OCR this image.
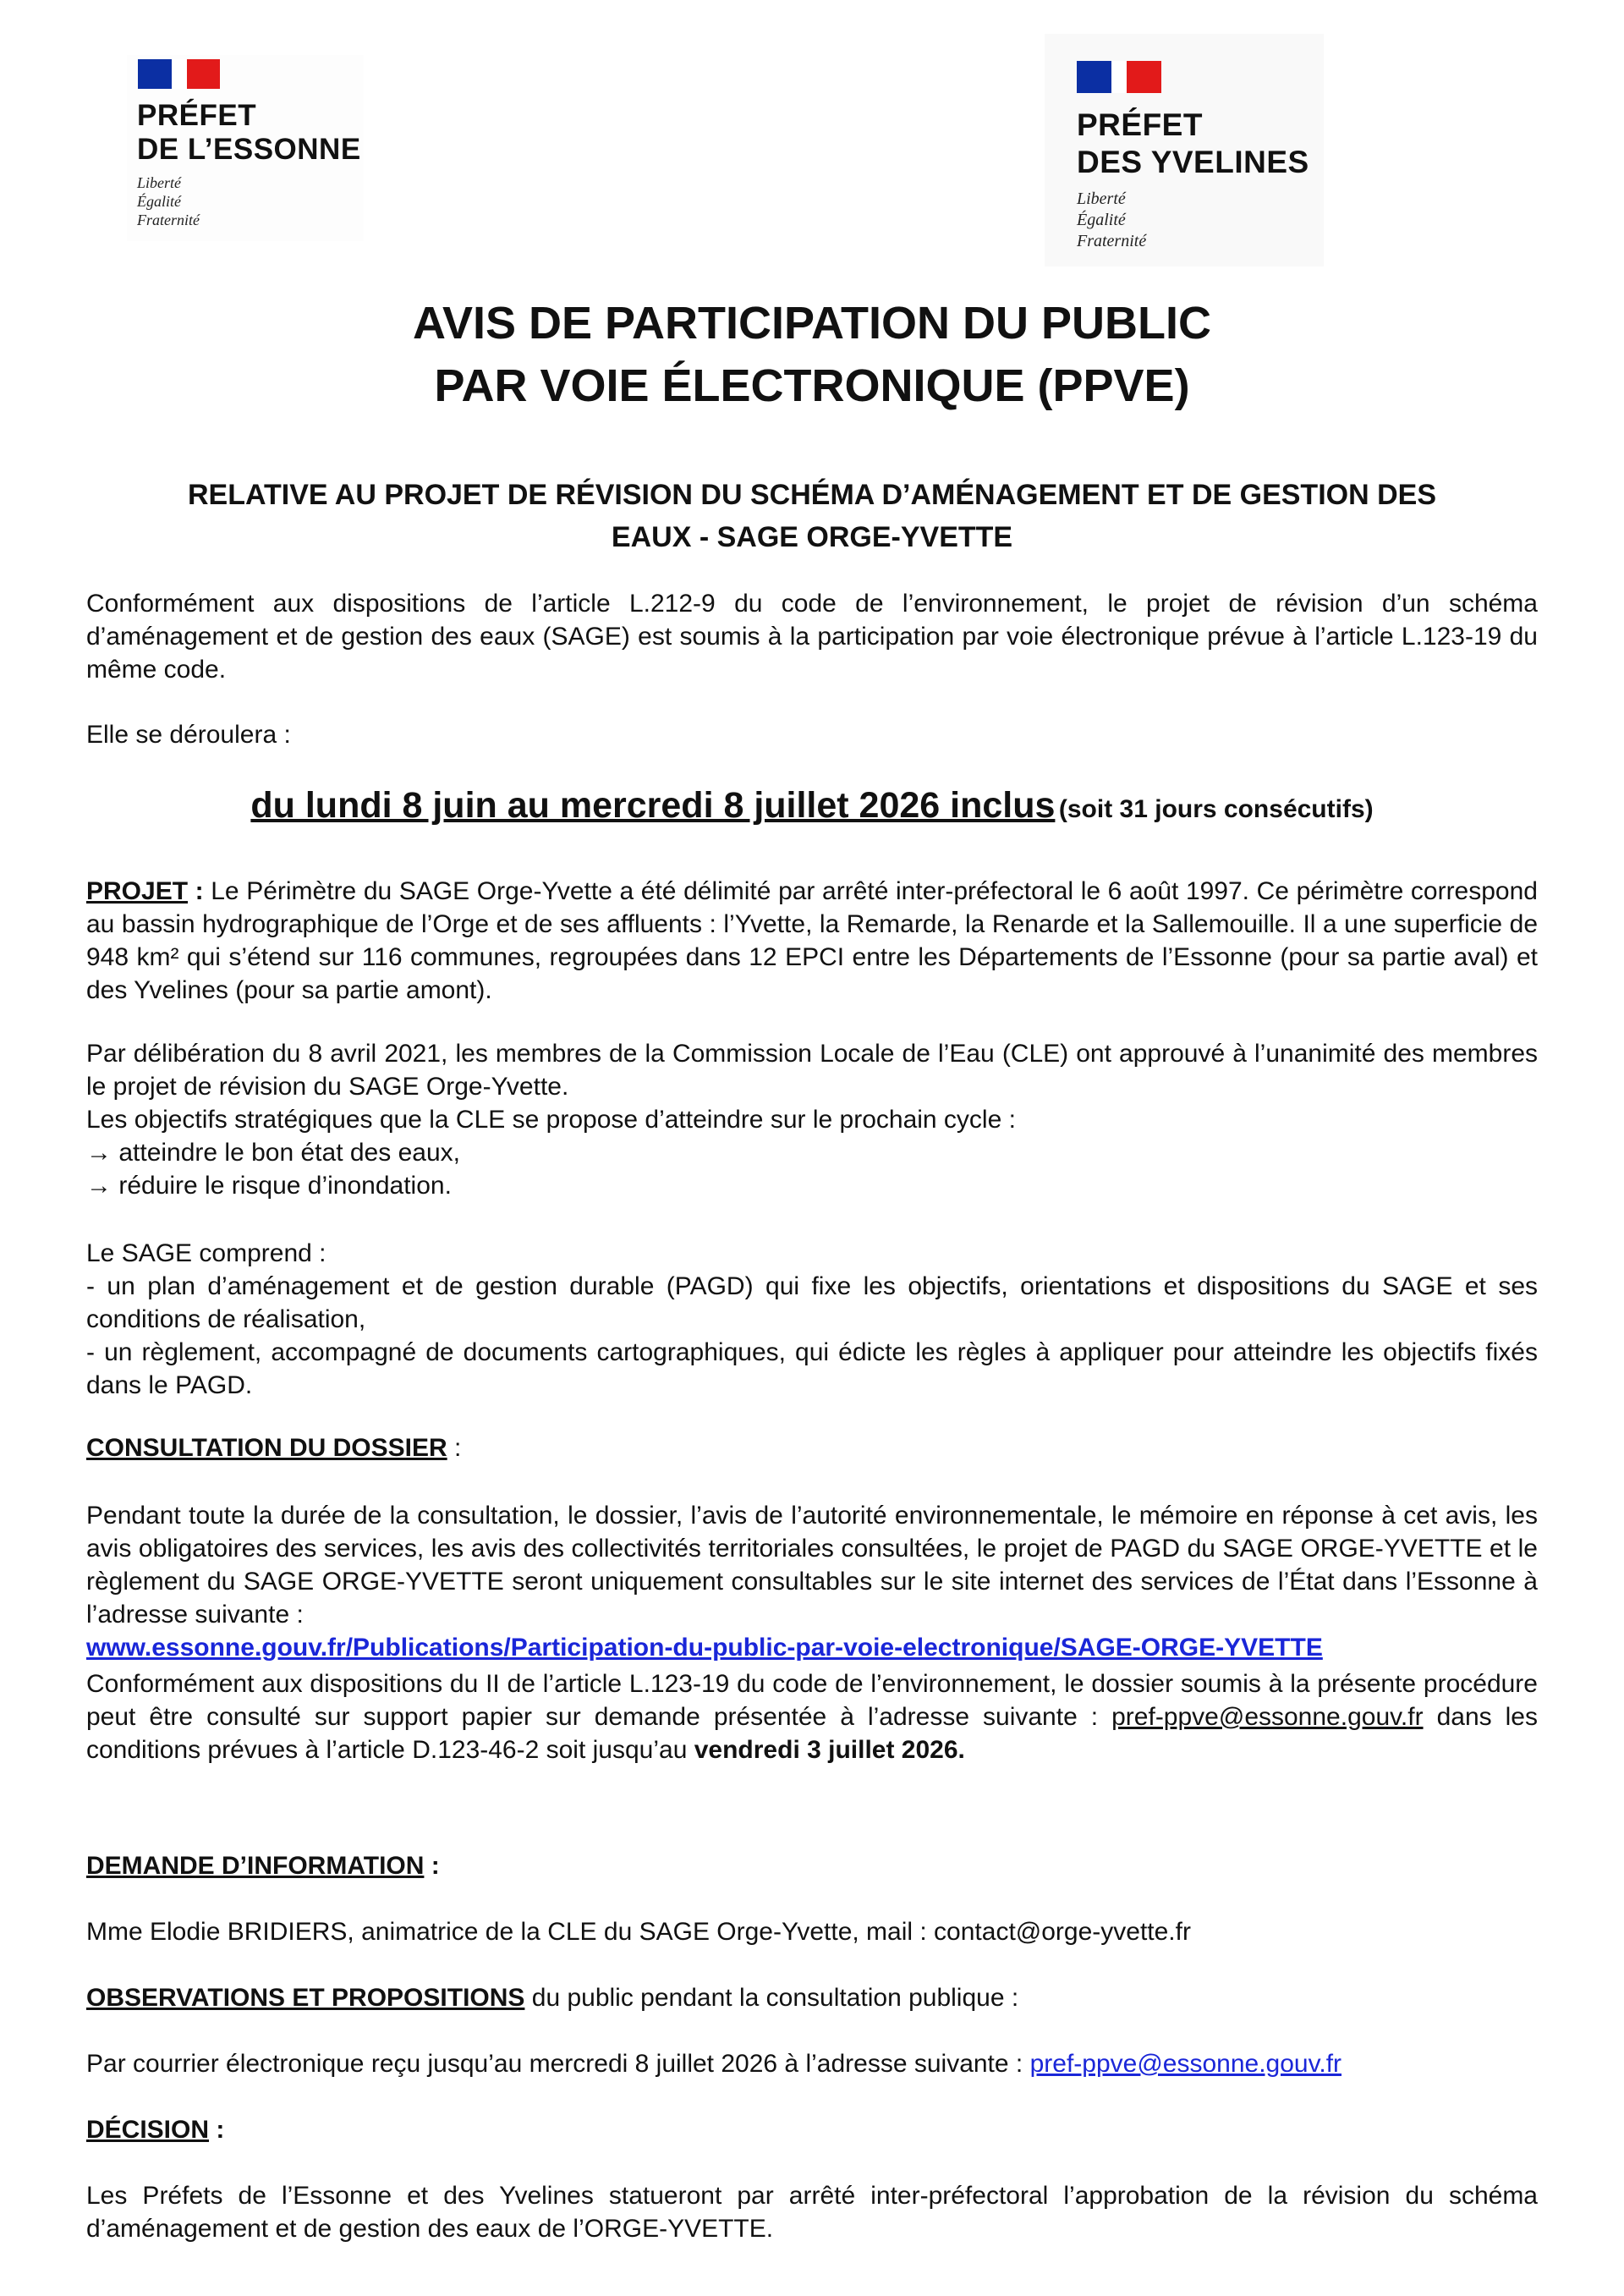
PRÉFET
DE L’ESSONNE
Liberté
Égalité
Fraternité
PRÉFET
DES YVELINES
Liberté
Égalité
Fraternité
AVIS DE PARTICIPATION DU PUBLIC
PAR VOIE ÉLECTRONIQUE (PPVE)
RELATIVE AU PROJET DE RÉVISION DU SCHÉMA D’AMÉNAGEMENT ET DE GESTION DES
EAUX - SAGE ORGE-YVETTE

Conformément aux dispositions de l’article L.212-9 du code de l’environnement, le projet de révision d’un schéma d’aménagement et de gestion des eaux (SAGE) est soumis à la participation par voie électronique prévue à l’article L.123-19 du même code.

Elle se déroulera :

du lundi 8 juin au mercredi 8 juillet 2026 inclus (soit 31 jours consécutifs)

PROJET : Le Périmètre du SAGE Orge-Yvette a été délimité par arrêté inter-préfectoral le 6 août 1997. Ce périmètre correspond au bassin hydrographique de l’Orge et de ses affluents : l’Yvette, la Remarde, la Renarde et la Sallemouille. Il a une superficie de 948 km² qui s’étend sur 116 communes, regroupées dans 12 EPCI entre les Départements de l’Essonne (pour sa partie aval) et des Yvelines (pour sa partie amont).

Par délibération du 8 avril 2021, les membres de la Commission Locale de l’Eau (CLE) ont approuvé à l’unanimité des membres le projet de révision du SAGE Orge-Yvette.

Les objectifs stratégiques que la CLE se propose d’atteindre sur le prochain cycle :

→ atteindre le bon état des eaux,

→ réduire le risque d’inondation.

Le SAGE comprend :

- un plan d’aménagement et de gestion durable (PAGD) qui fixe les objectifs, orientations et dispositions du SAGE et ses conditions de réalisation,

- un règlement, accompagné de documents cartographiques, qui édicte les règles à appliquer pour atteindre les objectifs fixés dans le PAGD.

CONSULTATION DU DOSSIER :

Pendant toute la durée de la consultation, le dossier, l’avis de l’autorité environnementale, le mémoire en réponse à cet avis, les avis obligatoires des services, les avis des collectivités territoriales consultées, le projet de PAGD du SAGE ORGE-YVETTE et le règlement du SAGE ORGE-YVETTE seront uniquement consultables sur le site internet des services de l’État dans l’Essonne à l’adresse suivante :

www.essonne.gouv.fr/Publications/Participation-du-public-par-voie-electronique/SAGE-ORGE-YVETTE

Conformément aux dispositions du II de l’article L.123-19 du code de l’environnement, le dossier soumis à la présente procédure peut être consulté sur support papier sur demande présentée à l’adresse suivante : pref-ppve@essonne.gouv.fr dans les conditions prévues à l’article D.123-46-2 soit jusqu’au vendredi 3 juillet 2026.

DEMANDE D’INFORMATION :
Mme Elodie BRIDIERS, animatrice de la CLE du SAGE Orge-Yvette, mail : contact@orge-yvette.fr
OBSERVATIONS ET PROPOSITIONS du public pendant la consultation publique :
Par courrier électronique reçu jusqu’au mercredi 8 juillet 2026 à l’adresse suivante : pref-ppve@essonne.gouv.fr
DÉCISION :

Les Préfets de l’Essonne et des Yvelines statueront par arrêté inter-préfectoral l’approbation de la révision du schéma d’aménagement et de gestion des eaux de l’ORGE-YVETTE.
